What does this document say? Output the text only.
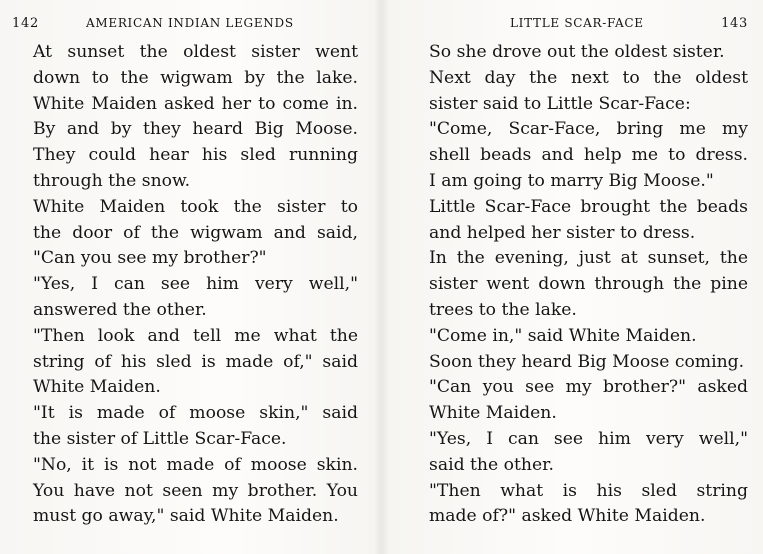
142	AMERICAN INDIAN LEGENDS

At sunset the oldest sister went
down to the wigwam by the lake.
White Maiden asked her to come in.
By and by they heard Big Moose.
They could hear his sled running
through the snow.

White Maiden took the sister to
the door of the wigwam and said,
"Can you see my brother?"

"Yes, I can see him very well,"
answered the other.

"Then look and tell me what the
string of his sled is made of," said
White Maiden.

"It is made of moose skin," said
the sister of Little Scar-Face.

"No, it is not made of moose skin.
You have not seen my brother. You
must go away," said White Maiden.

LITTLE SCAR-FACE	143

So she drove out the oldest sister.

Next day the next to the oldest
sister said to Little Scar-Face:

"Come, Scar-Face, bring me my
shell beads and help me to dress.
I am going to marry Big Moose."

Little Scar-Face brought the beads
and helped her sister to dress.

In the evening, just at sunset, the
sister went down through the pine
trees to the lake.

"Come in," said White Maiden.

Soon they heard Big Moose coming.

"Can you see my brother?" asked
White Maiden.

"Yes, I can see him very well,"
said the other.

"Then what is his sled string
made of?" asked White Maiden.
